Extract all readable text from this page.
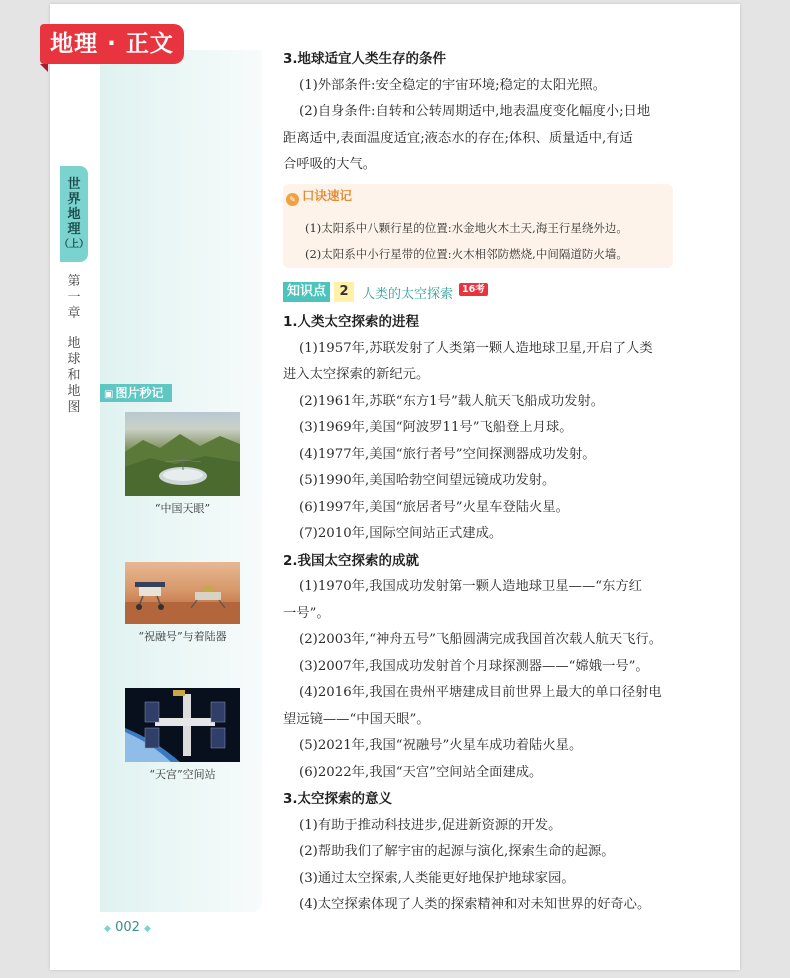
地理 · 正文
世
界
地
理
（上）
第
一
章
地
球
和
地
图
▣ 图片秒记
“中国天眼”
“祝融号”与着陆器
“天宫”空间站
✎ 口诀速记
(1)太阳系中八颗行星的位置:水金地火木土天,海王行星绕外边。
(2)太阳系中小行星带的位置:火木相邻防燃烧,中间隔道防火墙。
3.地球适宜人类生存的条件
(1)外部条件:安全稳定的宇宙环境;稳定的太阳光照。
(2)自身条件:自转和公转周期适中,地表温度变化幅度小;日地
距离适中,表面温度适宜;液态水的存在;体积、质量适中,有适
合呼吸的大气。
知识点	2	人类的太空探索 16考
1.人类太空探索的进程
(1)1957年,苏联发射了人类第一颗人造地球卫星,开启了人类
进入太空探索的新纪元。
(2)1961年,苏联“东方1号”载人航天飞船成功发射。
(3)1969年,美国“阿波罗11号”飞船登上月球。
(4)1977年,美国“旅行者号”空间探测器成功发射。
(5)1990年,美国哈勃空间望远镜成功发射。
(6)1997年,美国“旅居者号”火星车登陆火星。
(7)2010年,国际空间站正式建成。
2.我国太空探索的成就
(1)1970年,我国成功发射第一颗人造地球卫星——“东方红
一号”。
(2)2003年,“神舟五号”飞船圆满完成我国首次载人航天飞行。
(3)2007年,我国成功发射首个月球探测器——“嫦娥一号”。
(4)2016年,我国在贵州平塘建成目前世界上最大的单口径射电
望远镜——“中国天眼”。
(5)2021年,我国“祝融号”火星车成功着陆火星。
(6)2022年,我国“天宫”空间站全面建成。
3.太空探索的意义
(1)有助于推动科技进步,促进新资源的开发。
(2)帮助我们了解宇宙的起源与演化,探索生命的起源。
(3)通过太空探索,人类能更好地保护地球家园。
(4)太空探索体现了人类的探索精神和对未知世界的好奇心。
◆ 002 ◆
